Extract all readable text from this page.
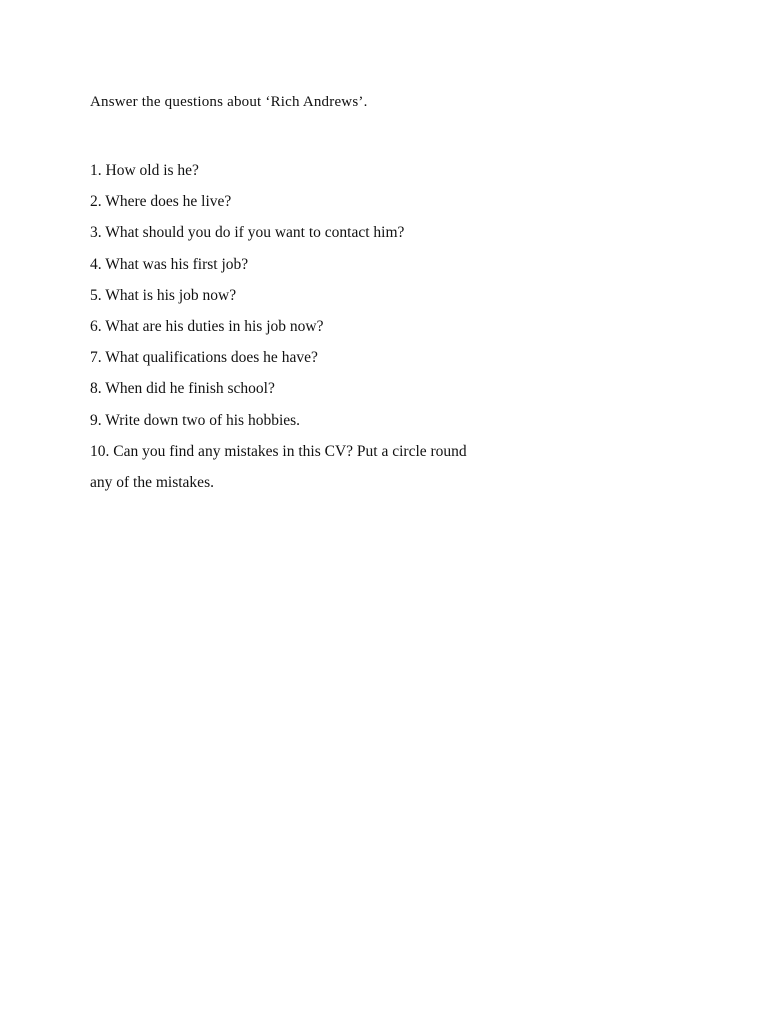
Answer the questions about ‘Rich Andrews’.
1. How old is he?
2. Where does he live?
3. What should you do if you want to contact him?
4. What was his first job?
5. What is his job now?
6. What are his duties in his job now?
7. What qualifications does he have?
8. When did he finish school?
9. Write down two of his hobbies.
10. Can you find any mistakes in this CV? Put a circle round any of the mistakes.
